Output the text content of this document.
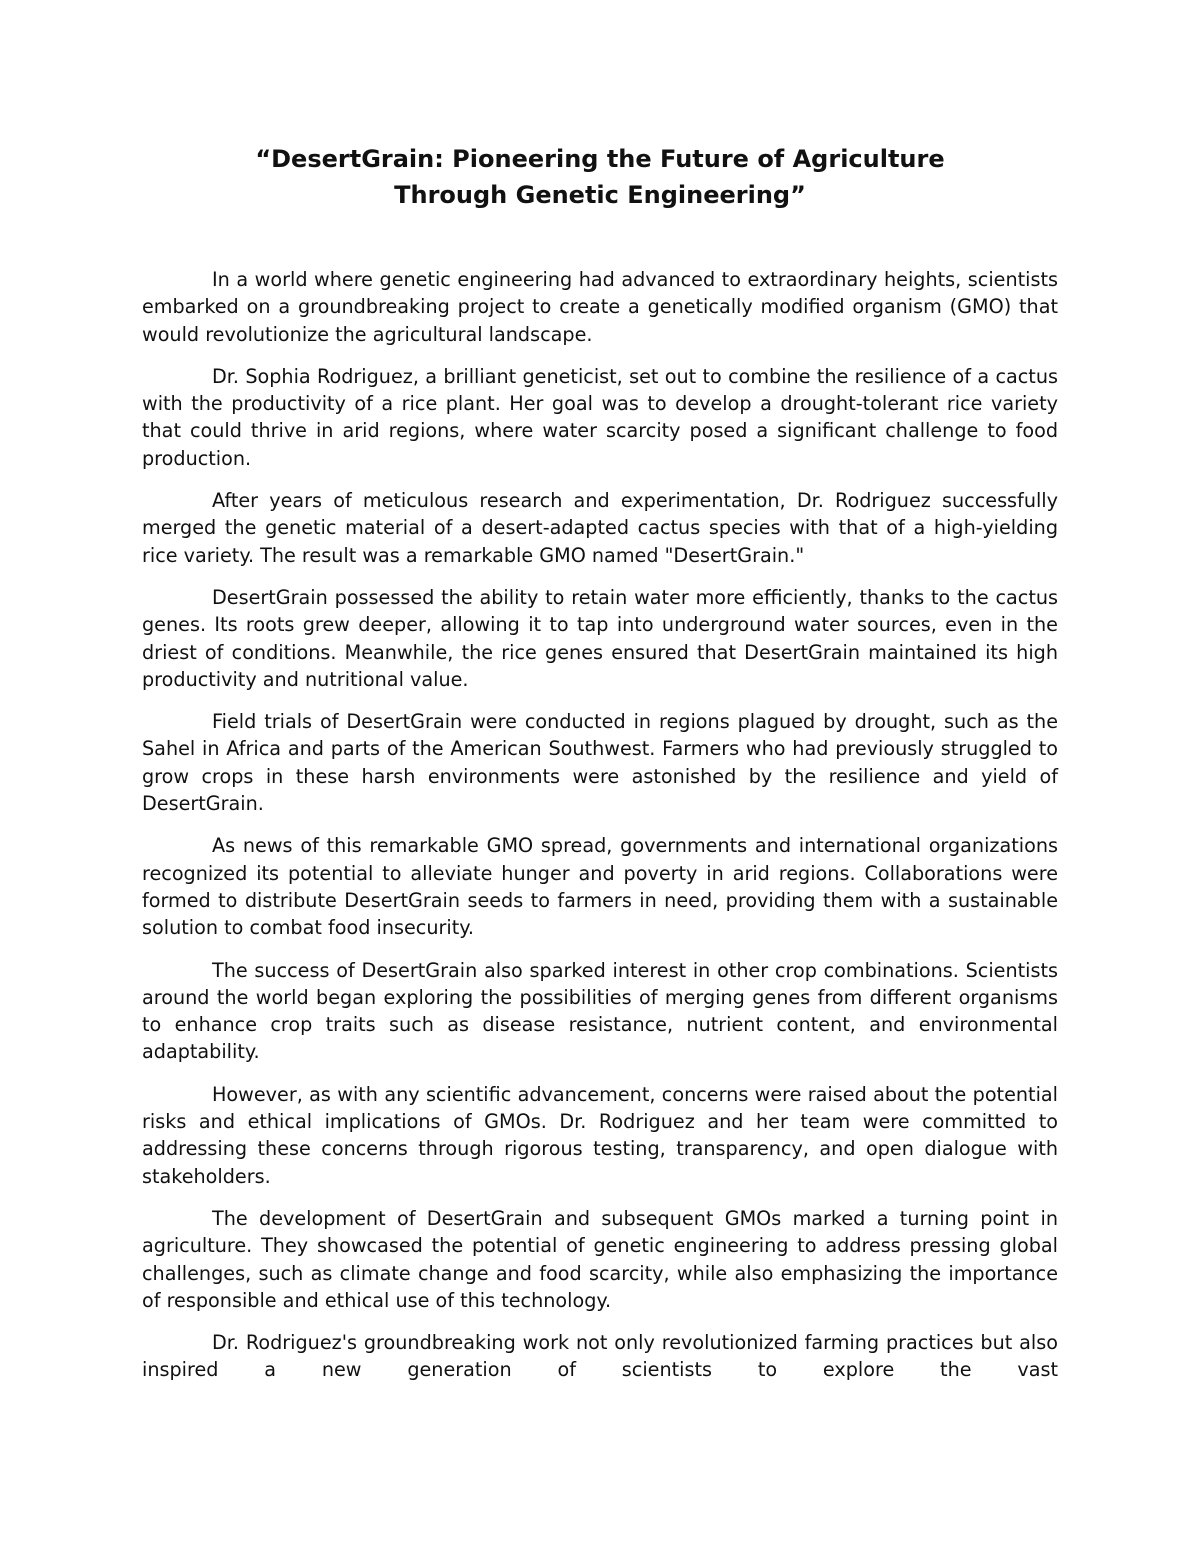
“DesertGrain: Pioneering the Future of Agriculture
Through Genetic Engineering”

In a world where genetic engineering had advanced to extraordinary heights, scientists embarked on a groundbreaking project to create a genetically modified organism (GMO) that would revolutionize the agricultural landscape.

Dr. Sophia Rodriguez, a brilliant geneticist, set out to combine the resilience of a cactus with the productivity of a rice plant. Her goal was to develop a drought-tolerant rice variety that could thrive in arid regions, where water scarcity posed a significant challenge to food production.

After years of meticulous research and experimentation, Dr. Rodriguez successfully merged the genetic material of a desert-adapted cactus species with that of a high-yielding rice variety. The result was a remarkable GMO named "DesertGrain."

DesertGrain possessed the ability to retain water more efficiently, thanks to the cactus genes. Its roots grew deeper, allowing it to tap into underground water sources, even in the driest of conditions. Meanwhile, the rice genes ensured that DesertGrain maintained its high productivity and nutritional value.

Field trials of DesertGrain were conducted in regions plagued by drought, such as the Sahel in Africa and parts of the American Southwest. Farmers who had previously struggled to grow crops in these harsh environments were astonished by the resilience and yield of DesertGrain.

As news of this remarkable GMO spread, governments and international organizations recognized its potential to alleviate hunger and poverty in arid regions. Collaborations were formed to distribute DesertGrain seeds to farmers in need, providing them with a sustainable solution to combat food insecurity.

The success of DesertGrain also sparked interest in other crop combinations. Scientists around the world began exploring the possibilities of merging genes from different organisms to enhance crop traits such as disease resistance, nutrient content, and environmental adaptability.

However, as with any scientific advancement, concerns were raised about the potential risks and ethical implications of GMOs. Dr. Rodriguez and her team were committed to addressing these concerns through rigorous testing, transparency, and open dialogue with stakeholders.

The development of DesertGrain and subsequent GMOs marked a turning point in agriculture. They showcased the potential of genetic engineering to address pressing global challenges, such as climate change and food scarcity, while also emphasizing the importance of responsible and ethical use of this technology.

Dr. Rodriguez's groundbreaking work not only revolutionized farming practices but also inspired a new generation of scientists to explore the vast
